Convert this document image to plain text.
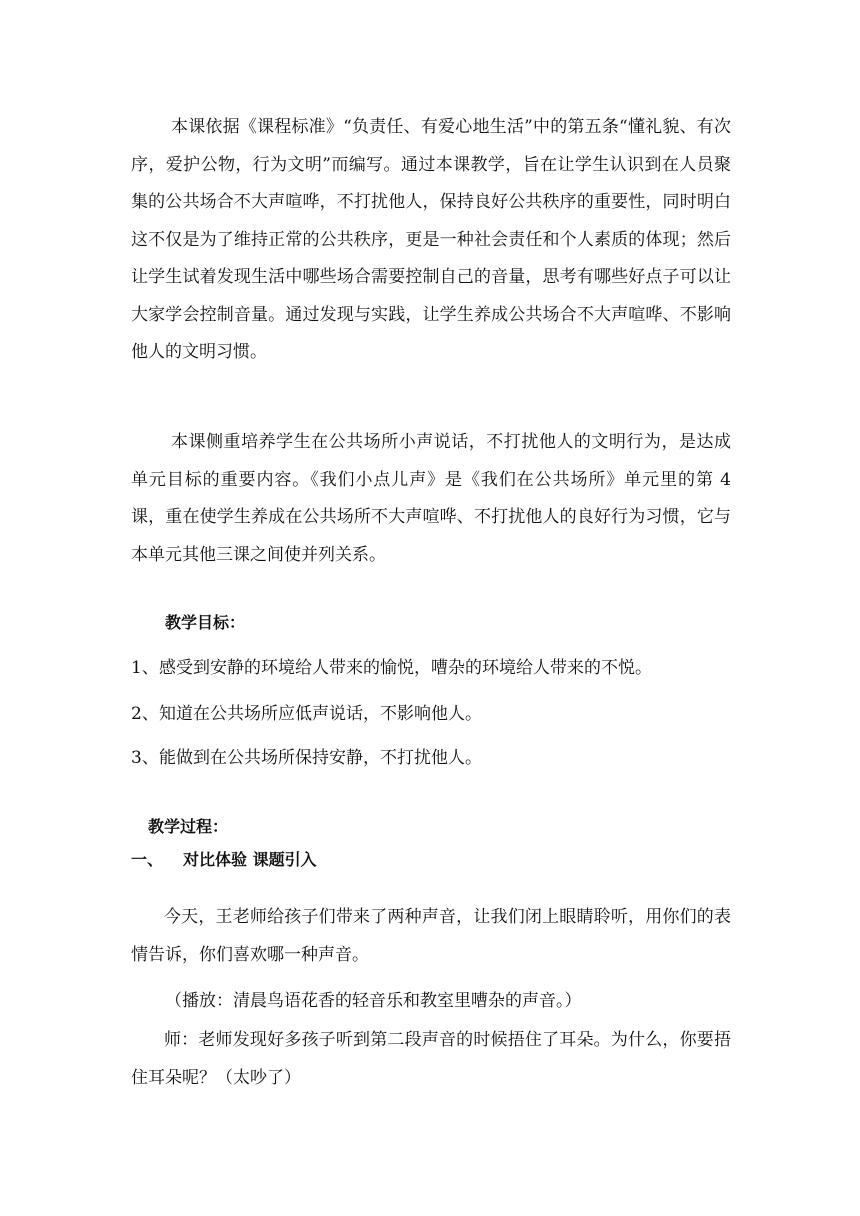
本课依据《课程标准》“负责任、有爱心地生活”中的第五条“懂礼貌、有次序，爱护公物，行为文明”而编写。通过本课教学，旨在让学生认识到在人员聚集的公共场合不大声喧哗，不打扰他人，保持良好公共秩序的重要性，同时明白这不仅是为了维持正常的公共秩序，更是一种社会责任和个人素质的体现；然后让学生试着发现生活中哪些场合需要控制自己的音量，思考有哪些好点子可以让大家学会控制音量。通过发现与实践，让学生养成公共场合不大声喧哗、不影响他人的文明习惯。

本课侧重培养学生在公共场所小声说话，不打扰他人的文明行为，是达成单元目标的重要内容。《我们小点儿声》是《我们在公共场所》单元里的第 4 课，重在使学生养成在公共场所不大声喧哗、不打扰他人的良好行为习惯，它与本单元其他三课之间使并列关系。

教学目标：

1、感受到安静的环境给人带来的愉悦，嘈杂的环境给人带来的不悦。

2、知道在公共场所应低声说话，不影响他人。

3、能做到在公共场所保持安静，不打扰他人。

教学过程：

一、 对比体验 课题引入

今天，王老师给孩子们带来了两种声音，让我们闭上眼睛聆听，用你们的表情告诉，你们喜欢哪一种声音。

（播放：清晨鸟语花香的轻音乐和教室里嘈杂的声音。）

师：老师发现好多孩子听到第二段声音的时候捂住了耳朵。为什么，你要捂住耳朵呢？（太吵了）
